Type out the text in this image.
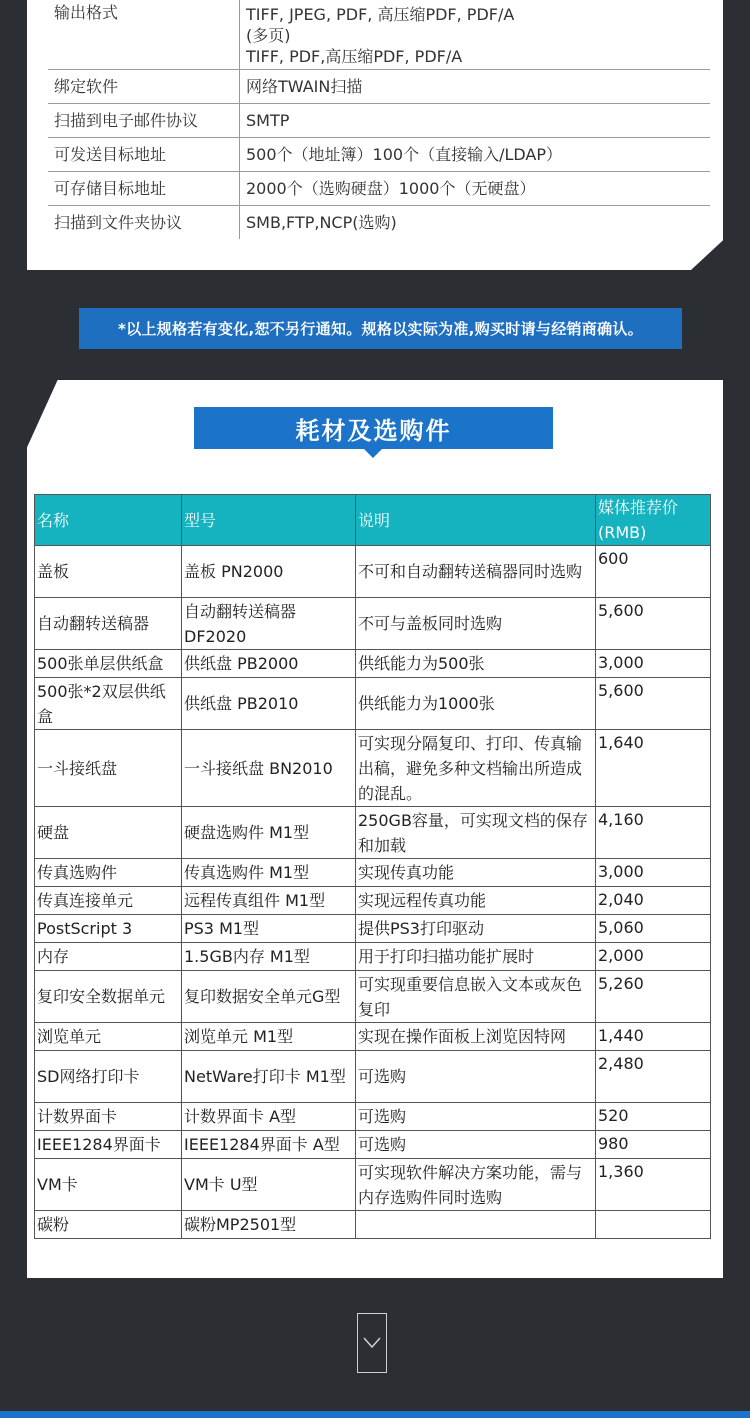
输出格式	TIFF, JPEG, PDF, 高压缩PDF, PDF/A
(多页)
TIFF, PDF,高压缩PDF, PDF/A

绑定软件	网络TWAIN扫描
扫描到电子邮件协议	SMTP
可发送目标地址	500个（地址簿）100个（直接输入/LDAP）
可存储目标地址	2000个（选购硬盘）1000个（无硬盘）
扫描到文件夹协议	SMB,FTP,NCP(选购)
*以上规格若有变化,恕不另行通知。规格以实际为准,购买时请与经销商确认。
耗材及选购件
名称	型号	说明	媒体推荐价(RMB)
盖板	盖板 PN2000	不可和自动翻转送稿器同时选购	600
自动翻转送稿器	自动翻转送稿器DF2020	不可与盖板同时选购	5,600
500张单层供纸盒	供纸盘 PB2000	供纸能力为500张	3,000
500张*2双层供纸盒	供纸盘 PB2010	供纸能力为1000张	5,600
一斗接纸盘	一斗接纸盘 BN2010	可实现分隔复印、打印、传真输出稿，避免多种文档输出所造成的混乱。	1,640
硬盘	硬盘选购件 M1型	250GB容量，可实现文档的保存和加载	4,160
传真选购件	传真选购件 M1型	实现传真功能	3,000
传真连接单元	远程传真组件 M1型	实现远程传真功能	2,040
PostScript 3	PS3 M1型	提供PS3打印驱动	5,060
内存	1.5GB内存 M1型	用于打印扫描功能扩展时	2,000
复印安全数据单元	复印数据安全单元G型	可实现重要信息嵌入文本或灰色复印	5,260
浏览单元	浏览单元 M1型	实现在操作面板上浏览因特网	1,440
SD网络打印卡	NetWare打印卡 M1型	可选购	2,480
计数界面卡	计数界面卡 A型	可选购	520
IEEE1284界面卡	IEEE1284界面卡 A型	可选购	980
VM卡	VM卡 U型	可实现软件解决方案功能，需与内存选购件同时选购	1,360
碳粉	碳粉MP2501型		
